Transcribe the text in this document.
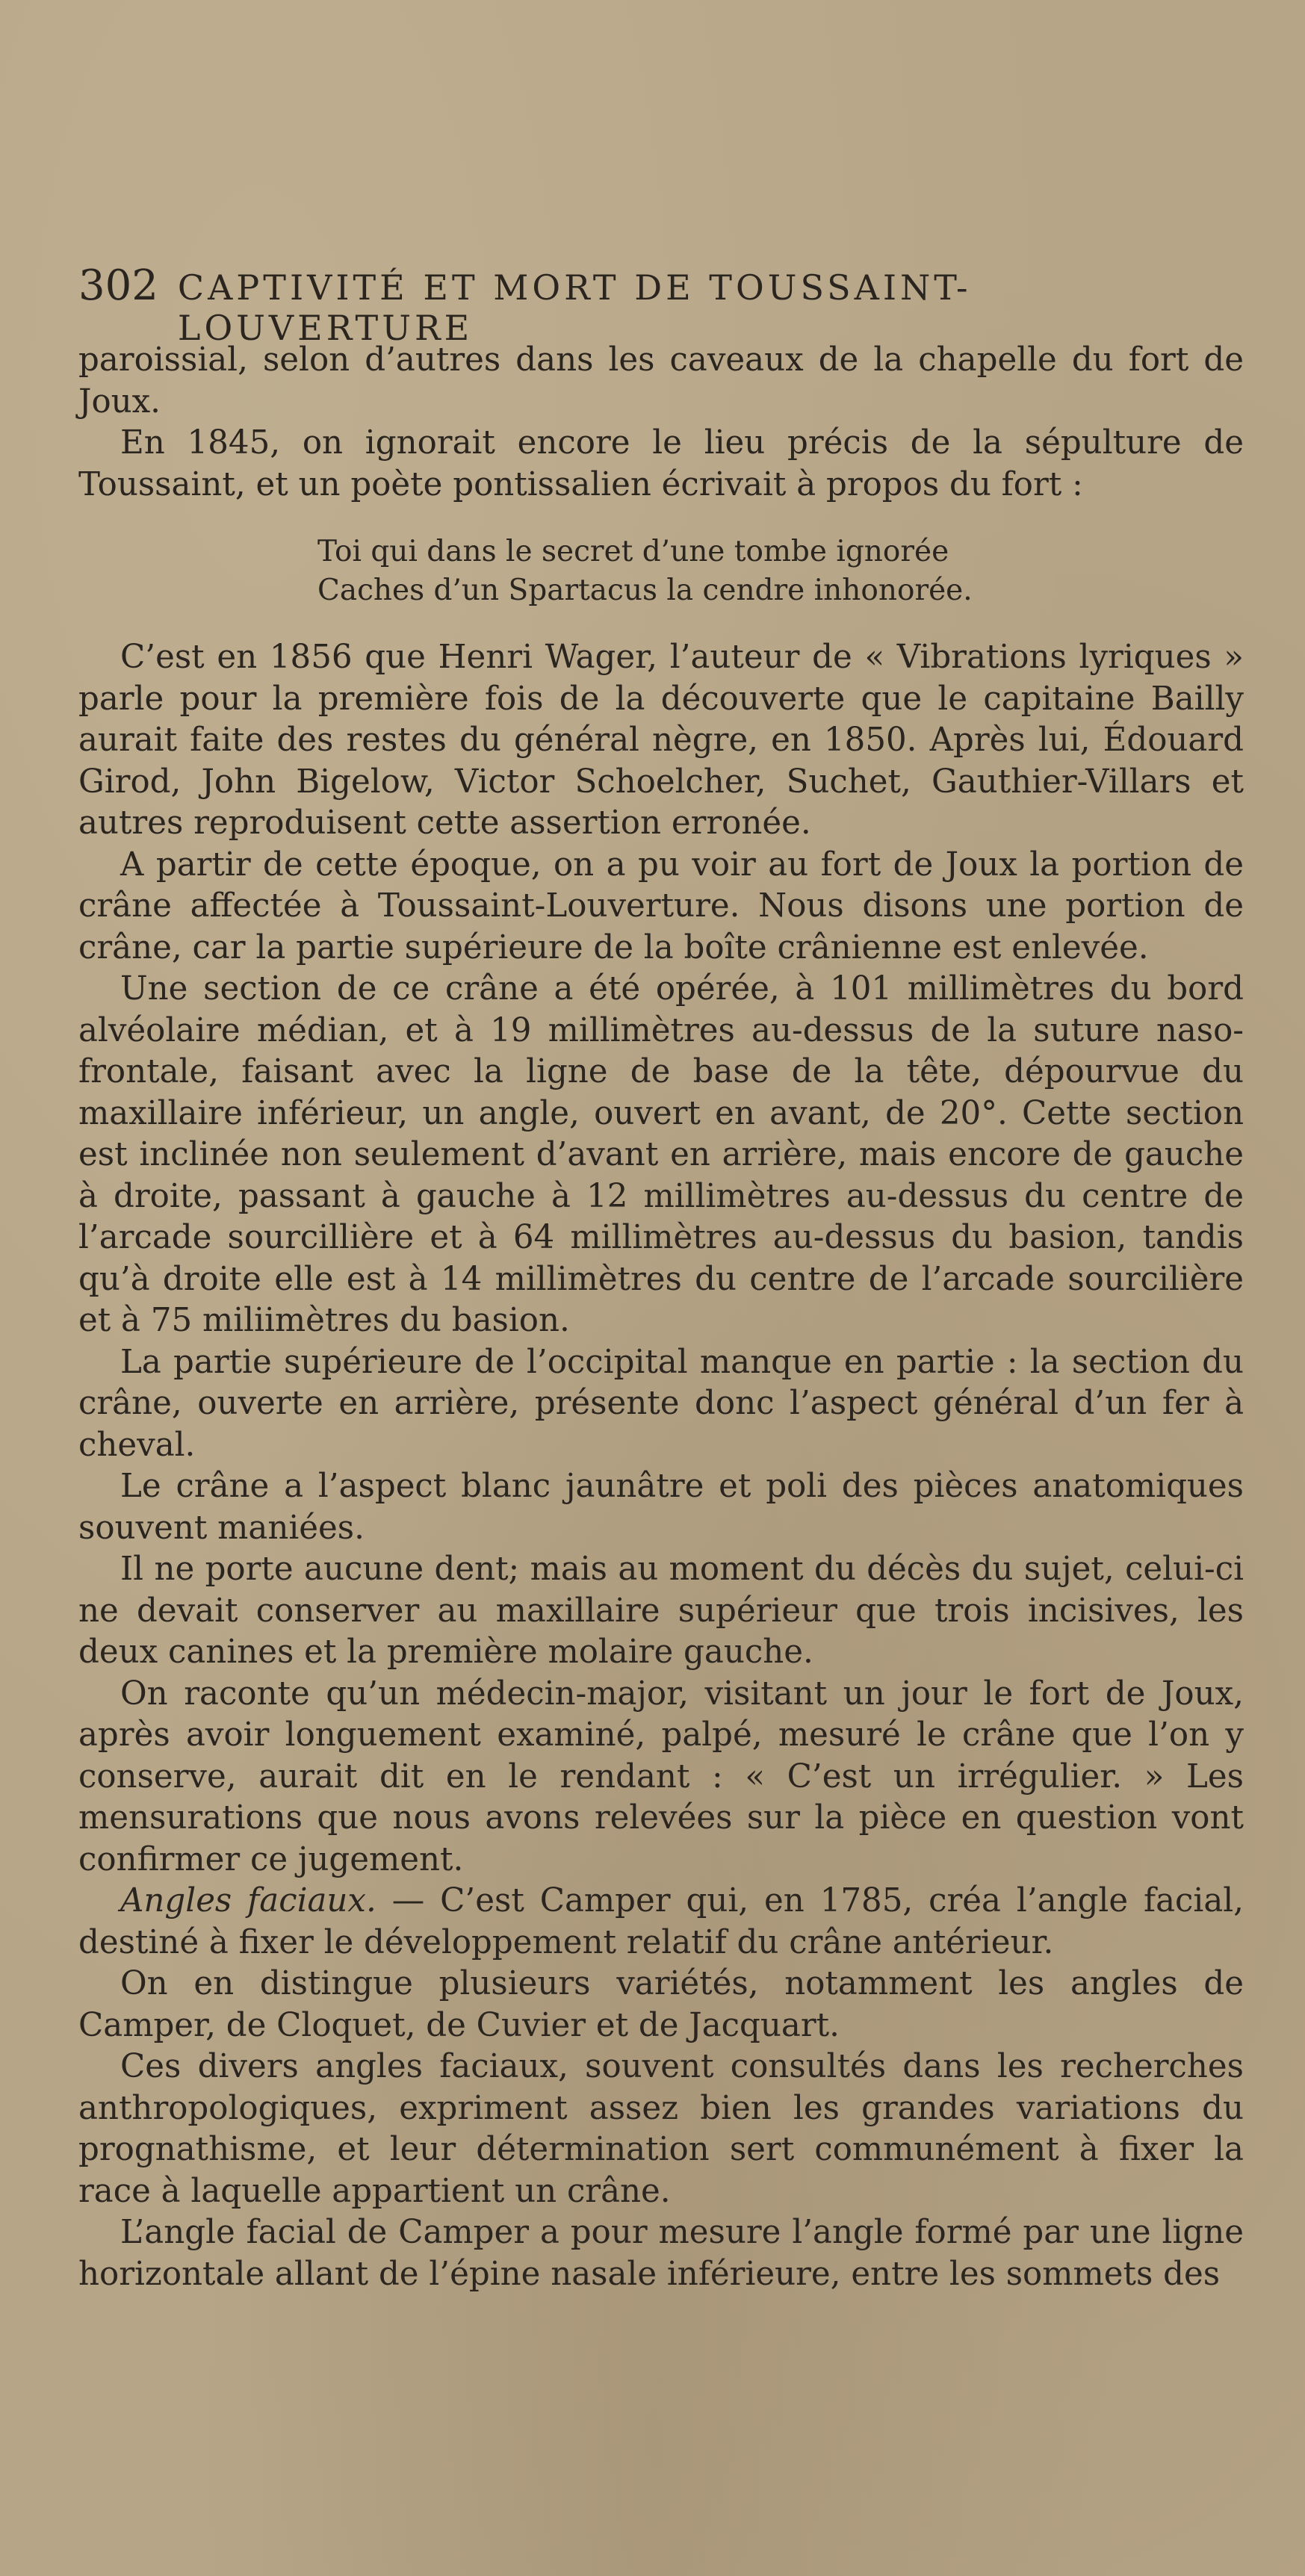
302 CAPTIVITÉ ET MORT DE TOUSSAINT-LOUVERTURE

paroissial, selon d’autres dans les caveaux de la chapelle du fort de Joux.

En 1845, on ignorait encore le lieu précis de la sépulture de Toussaint, et un poète pontissalien écrivait à propos du fort :

Toi qui dans le secret d’une tombe ignorée
Caches d’un Spartacus la cendre inhonorée.

C’est en 1856 que Henri Wager, l’auteur de « Vibrations lyriques » parle pour la première fois de la découverte que le capitaine Bailly aurait faite des restes du général nègre, en 1850. Après lui, Édouard Girod, John Bigelow, Victor Schoelcher, Suchet, Gauthier-Villars et autres reproduisent cette assertion erronée.

A partir de cette époque, on a pu voir au fort de Joux la portion de crâne affectée à Toussaint-Louverture. Nous disons une portion de crâne, car la partie supérieure de la boîte crânienne est enlevée.

Une section de ce crâne a été opérée, à 101 millimètres du bord alvéolaire médian, et à 19 millimètres au-dessus de la suture naso-frontale, faisant avec la ligne de base de la tête, dépourvue du maxillaire inférieur, un angle, ouvert en avant, de 20°. Cette section est inclinée non seulement d’avant en arrière, mais encore de gauche à droite, passant à gauche à 12 millimètres au-dessus du centre de l’arcade sourcillière et à 64 millimètres au-dessus du basion, tandis qu’à droite elle est à 14 millimètres du centre de l’arcade sourcilière et à 75 miliimètres du basion.

La partie supérieure de l’occipital manque en partie : la section du crâne, ouverte en arrière, présente donc l’aspect général d’un fer à cheval.

Le crâne a l’aspect blanc jaunâtre et poli des pièces anatomiques souvent maniées.

Il ne porte aucune dent; mais au moment du décès du sujet, celui-ci ne devait conserver au maxillaire supérieur que trois incisives, les deux canines et la première molaire gauche.

On raconte qu’un médecin-major, visitant un jour le fort de Joux, après avoir longuement examiné, palpé, mesuré le crâne que l’on y conserve, aurait dit en le rendant : « C’est un irrégulier. » Les mensurations que nous avons relevées sur la pièce en question vont confirmer ce jugement.

Angles faciaux. — C’est Camper qui, en 1785, créa l’angle facial, destiné à fixer le développement relatif du crâne antérieur.

On en distingue plusieurs variétés, notamment les angles de Camper, de Cloquet, de Cuvier et de Jacquart.

Ces divers angles faciaux, souvent consultés dans les recherches anthropologiques, expriment assez bien les grandes variations du prognathisme, et leur détermination sert communément à fixer la race à laquelle appartient un crâne.

L’angle facial de Camper a pour mesure l’angle formé par une ligne horizontale allant de l’épine nasale inférieure, entre les sommets des
